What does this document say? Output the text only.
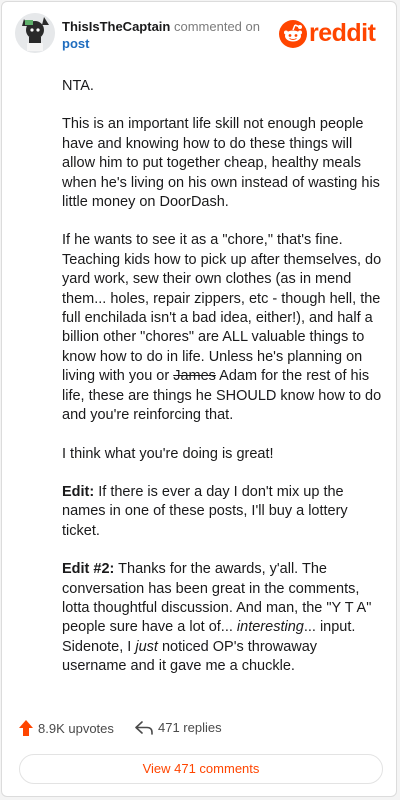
ThisIsTheCaptain commented on
post	reddit

NTA.

This is an important life skill not enough people have and knowing how to do these things will allow him to put together cheap, healthy meals when he's living on his own instead of wasting his little money on DoorDash.

If he wants to see it as a "chore," that's fine. Teaching kids how to pick up after themselves, do yard work, sew their own clothes (as in mend them... holes, repair zippers, etc - though hell, the full enchilada isn't a bad idea, either!), and half a billion other "chores" are ALL valuable things to know how to do in life. Unless he's planning on living with you or James Adam for the rest of his life, these are things he SHOULD know how to do and you're reinforcing that.

I think what you're doing is great!

Edit: If there is ever a day I don't mix up the names in one of these posts, I'll buy a lottery ticket.

Edit #2: Thanks for the awards, y'all. The conversation has been great in the comments, lotta thoughtful discussion. And man, the "Y T A" people sure have a lot of... interesting... input. Sidenote, I just noticed OP's throwaway username and it gave me a chuckle.

8.9K upvotes	471 replies
View 471 comments
